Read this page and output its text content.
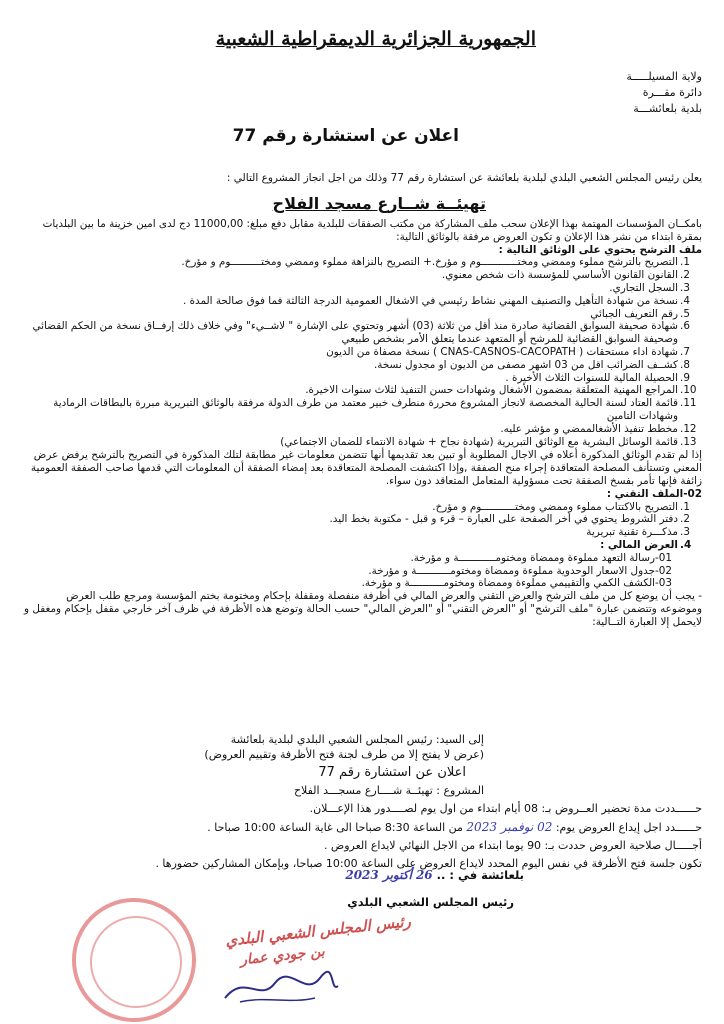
الجمهورية الجزائرية الديمقراطية الشعبية
ولاية المسيلـــــة
دائرة مقـــرة
بلدية بلعائشـــة
اعلان عن استشارة رقم 77
يعلن رئيس المجلس الشعبي البلدي لبلدية بلعائشة عن استشارة رقم 77 وذلك من اجل انجاز المشروع التالي :
تهيئــة شــارع مسجد الفلاح
بامكــان المؤسسات المهتمة بهذا الإعلان سحب ملف المشاركة من مكتب الصفقات للبلدية مقابل دفع مبلغ: 11000,00 دج لدى امين خزينة ما بين البلديات بمقرة ابتداء من نشر هذا الإعلان و تكون العروض مرفقة بالوثائق التالية:
ملف الترشح يحتوي على الوثائق التالية :
1.
التصريح بالترشح مملوء وممضي ومختــــــــــــوم و مؤرخ.+ التصريح بالنزاهة مملوء وممضي ومختــــــــــوم و مؤرخ.
2.
القانون القانون الأساسي للمؤسسة ذات شخص معنوي.
3.
السجل التجاري.
4.
نسخة من شهادة التأهيل والتصنيف المهني نشاط رئيسي في الاشغال العمومية الدرجة الثالثة فما فوق صالحة المدة .
5.
رقم التعريف الجبائي
6.
شهادة صحيفة السوابق القضائية صادرة منذ أقل من ثلاثة (03) أشهر وتحتوي على الإشارة " لاشــيء" وفي خلاف ذلك إرفــاق نسخة من الحكم القضائي وصحيفة السوابق القضائية للمرشح أو المتعهد عندما يتعلق الأمر بشخص طبيعي
7.
شهادة اداء مستحقات ( CNAS-CASNOS-CACOPATH ) نسخة مصفاة من الديون
8.
كشــف الضرائب اقل من 03 اشهر مصفى من الديون او مجدول نسخة.
9.
الحصيلة المالية للسنوات الثلاث الأخيرة .
10.
المراجع المهنية المتعلقة بمضمون الأشغال وشهادات حسن التنفيذ لثلاث سنوات الاخيرة.
11.
قائمة العتاد لسنة الحالية المخصصة لانجاز المشروع محررة منطرف خبير معتمد من طرف الدولة مرفقة بالوثائق التبريرية مبررة بالبطاقات الرمادية وشهادات التامين
12.
مخطط تنفيذ الأشغالممضي و مؤشر عليه.
13.
قائمة الوسائل البشرية مع الوثائق التبريرية (شهادة نجاح + شهادة الانتماء للضمان الاجتماعي)
إذا لم تقدم الوثائق المذكورة أعلاه في الاجال المطلوبة أو تبين بعد تقديمها أنها تتضمن معلومات غير مطابقة لتلك المذكورة في التصريح بالترشح يرفض عرض المعني وتستأنف المصلحة المتعاقدة إجراء منح الصفقة ,وإذا اكتشفت المصلحة المتعاقدة بعد إمضاء الصفقة أن المعلومات التي قدمها صاحب الصفقة العمومية زائفة فإنها تأمر بفسخ الصفقة تحت مسؤولية المتعامل المتعاقد دون سواء.
02-الملف التقني :
1.
التصريح بالاكتتاب مملوء وممضي ومختـــــــــــوم و مؤرخ.
2.
دفتر الشروط يحتوي في أخر الصفحة على العبارة – قرء و قبل - مكتوبة بخط اليد.
3.
مذكـــرة تقنية تبريرية
4.
العرض المالي :
01-رسالة التعهد مملوءة وممضاة ومختومــــــــــــة و مؤرخة.
02-جدول الاسعار الوحدوية مملوءة وممضاة ومختومـــــــــــة و مؤرخة.
03-الكشف الكمي والتقييمي مملوءة وممضاة ومختومـــــــــــة و مؤرخة.
- يجب أن يوضع كل من ملف الترشح والعرض التقني والعرض المالي في أظرفة منفصلة ومقفلة بإحكام ومختومة بختم المؤسسة ومرجع طلب العرض وموضوعه وتتضمن عبارة "ملف الترشح" أو "العرض التقني" أو "العرض المالي" حسب الحالة وتوضع هذه الأظرفة في ظرف آخر خارجي مقفل بإحكام ومغفل و لايحمل إلا العبارة التــالية:
إلى السيد: رئيس المجلس الشعبي البلدي لبلدية بلعائشة
(عرض لا يفتح إلا من طرف لجنة فتح الأظرفة وتقييم العروض)
اعلان عن استشارة رقم 77
المشروع : تهيئــة شــــارع مسجـــد الفلاح
حــــــددت مدة تحضير العــروض بـ: 08 أيام ابتداء من اول يوم لصــــدور هذا الإعـــلان.
حــــــدد اجل إيداع العروض يوم: 02 نوفمبر 2023 من الساعة 8:30 صباحا الى غاية الساعة 10:00 صباحا .
أجـــــال صلاحية العروض حددت بـ: 90 يوما ابتداء من الاجل النهائي لايداع العروض .
تكون جلسة فتح الأظرفة في نفس اليوم المحدد لايداع العروض على الساعة 10:00 صباحا، وبإمكان المشاركين حضورها .
بلعائشة في : .. 26 أكتوبر 2023
رئيس المجلس الشعبي البلدي
رئيس المجلس الشعبي البلدي
بن جودي عمار
